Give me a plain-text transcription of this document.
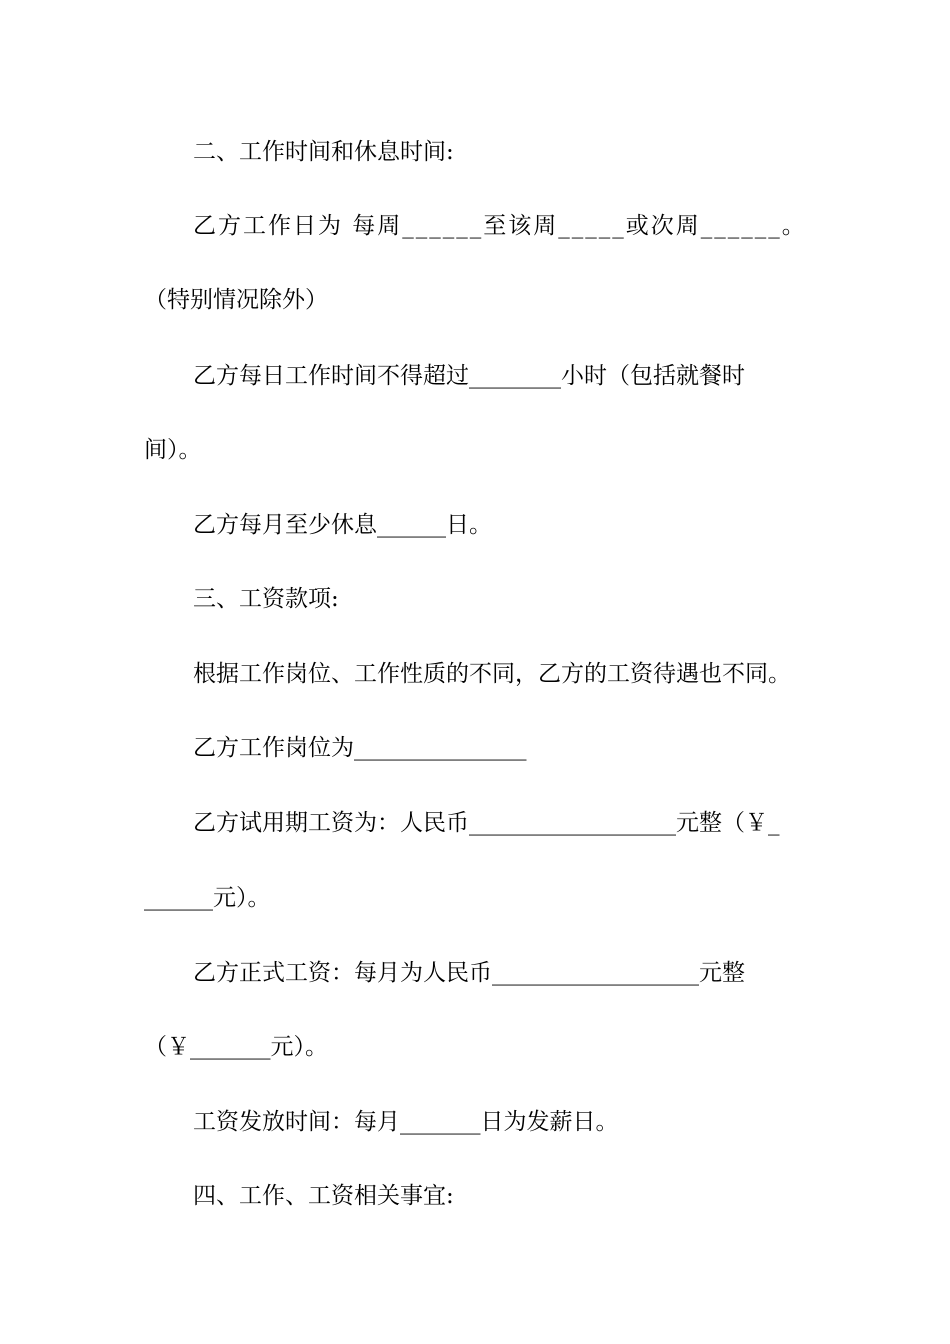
二、工作时间和休息时间:
乙方工作日为 每周______至该周_____或次周______。
（特别情况除外）
乙方每日工作时间不得超过________小时（包括就餐时
间）。
乙方每月至少休息______日。
三、工资款项:
根据工作岗位、工作性质的不同，乙方的工资待遇也不同。
乙方工作岗位为_______________
乙方试用期工资为：人民币__________________元整（￥_
______元）。
乙方正式工资：每月为人民币__________________元整
（￥_______元）。
工资发放时间：每月_______日为发薪日。
四、工作、工资相关事宜:
